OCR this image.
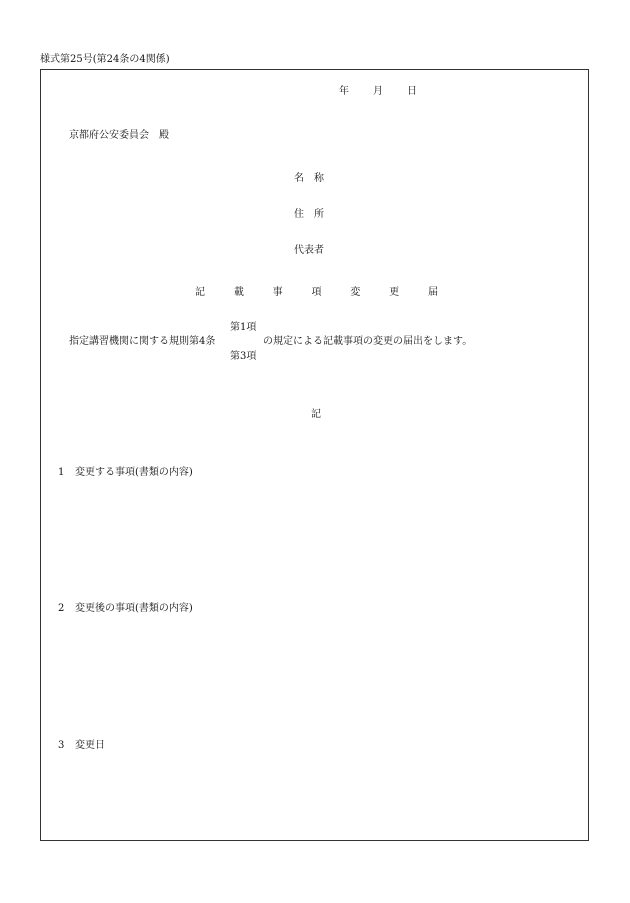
様式第25号(第24条の4関係)
年 月 日
京都府公安委員会　殿
名　称
住　所
代表者
記	載	事	項	変	更	届
第1項
指定講習機関に関する規則第4条	の規定による記載事項の変更の届出をします。
第3項
記
1 変更する事項(書類の内容)
2 変更後の事項(書類の内容)
3 変更日
